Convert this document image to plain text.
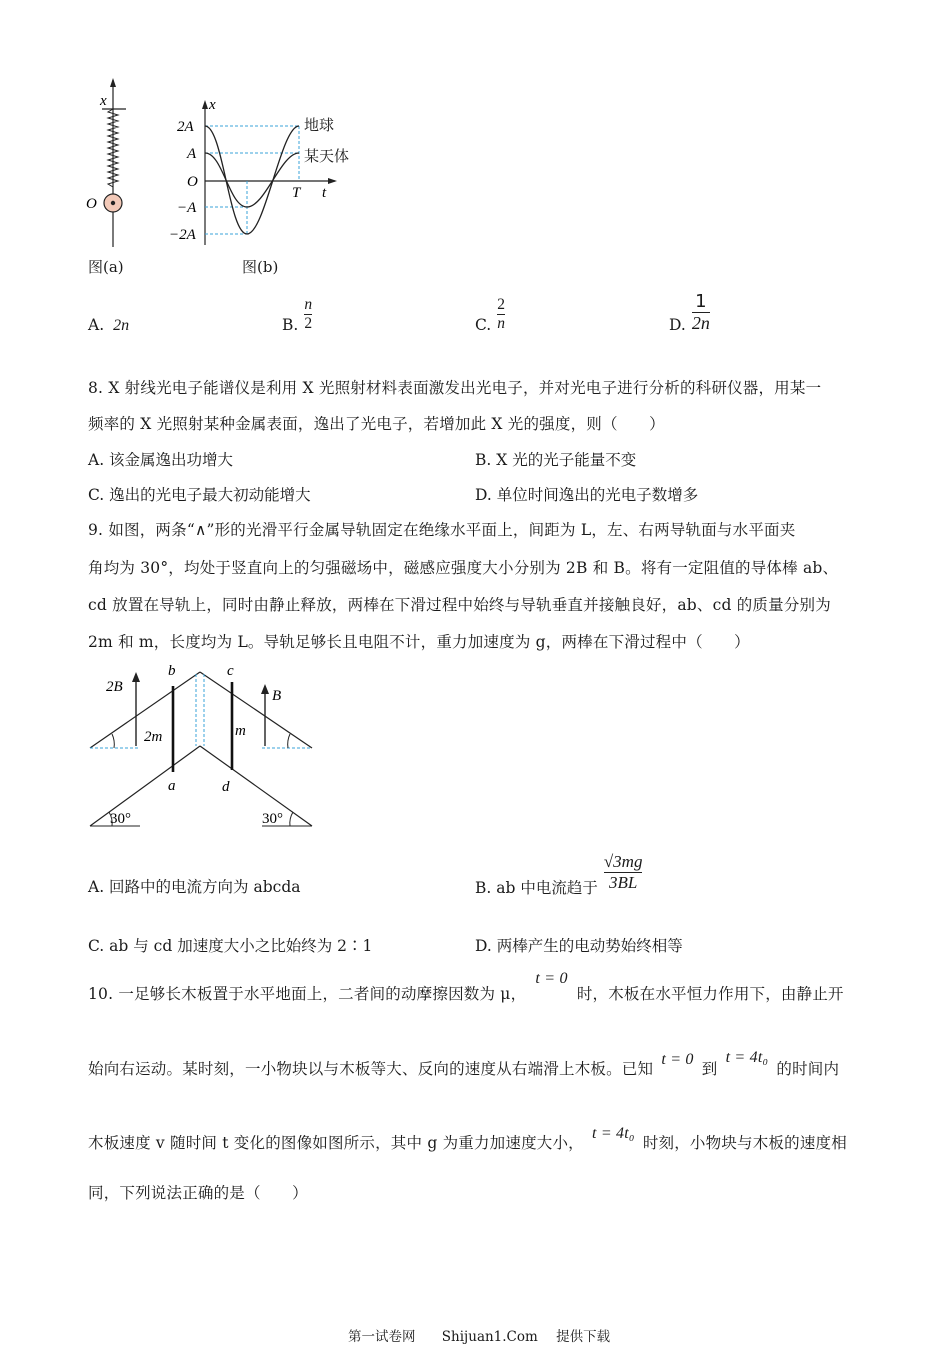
x
O
图(a)
x
t
2A
A
O
−A
−2A
T
地球
某天体
图(b)
A. 2n	B. $\frac{n}{2}$	C. $\frac{2}{n}$	D. $\frac{1}{2n}$
8. X 射线光电子能谱仪是利用 X 光照射材料表面激发出光电子，并对光电子进行分析的科研仪器，用某一
频率的 X 光照射某种金属表面，逸出了光电子，若增加此 X 光的强度，则（　　）
A. 该金属逸出功增大	B. X 光的光子能量不变
C. 逸出的光电子最大初动能增大	D. 单位时间逸出的光电子数增多
9. 如图，两条“∧”形的光滑平行金属导轨固定在绝缘水平面上，间距为 L，左、右两导轨面与水平面夹
角均为 30°，均处于竖直向上的匀强磁场中，磁感应强度大小分别为 2B 和 B。将有一定阻值的导体棒 ab、
cd 放置在导轨上，同时由静止释放，两棒在下滑过程中始终与导轨垂直并接触良好，ab、cd 的质量分别为
2m 和 m，长度均为 L。导轨足够长且电阻不计，重力加速度为 g，两棒在下滑过程中（　　）
2B
B
b	c
a	d
2m	m
30°	30°
A. 回路中的电流方向为 abcda	B. ab 中电流趋于 $\frac{√3mg}{3BL}$
C. ab 与 cd 加速度大小之比始终为 2∶1	D. 两棒产生的电动势始终相等
10. 一足够长木板置于水平地面上，二者间的动摩擦因数为 μ， t = 0 时，木板在水平恒力作用下，由静止开
始向右运动。某时刻，一小物块以与木板等大、反向的速度从右端滑上木板。已知 t = 0 到 t = 4t₀ 的时间内
木板速度 v 随时间 t 变化的图像如图所示，其中 g 为重力加速度大小， t = 4t₀ 时刻，小物块与木板的速度相
同，下列说法正确的是（　　）
第一试卷网 Shijuan1.Com 提供下载
